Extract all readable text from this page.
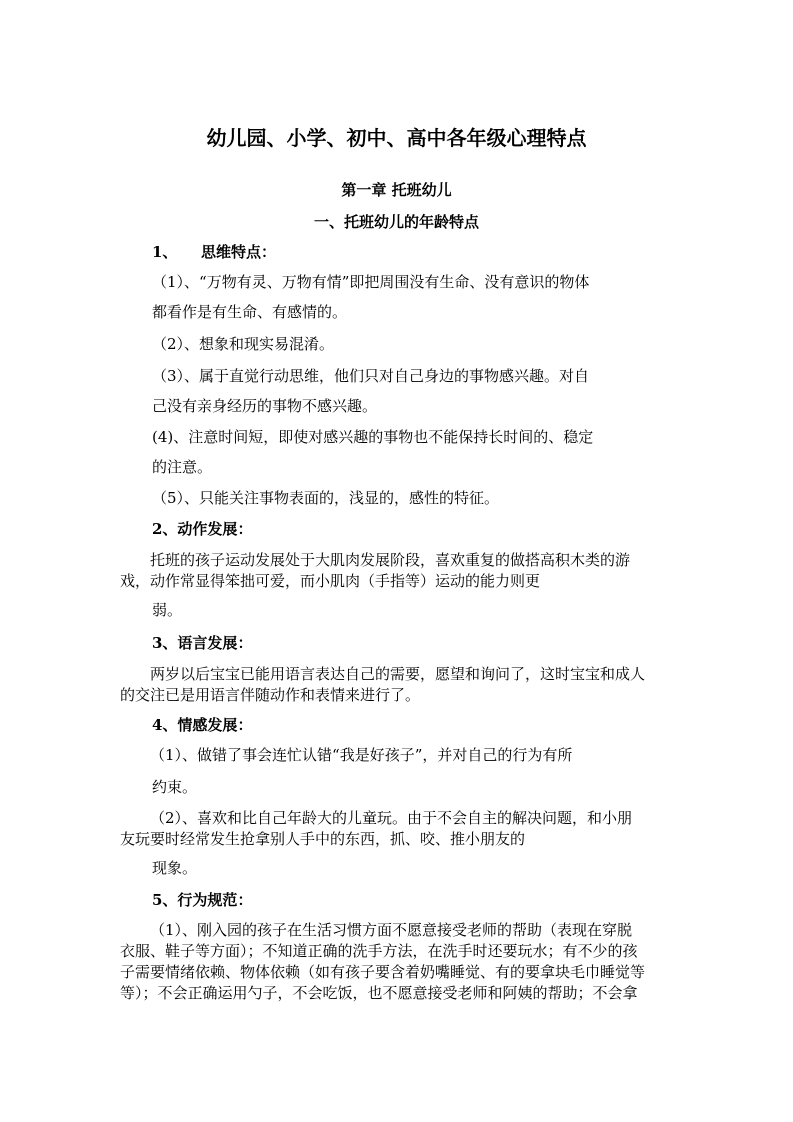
幼儿园、小学、初中、高中各年级心理特点
第一章 托班幼儿
一、托班幼儿的年龄特点
1、 思维特点：
（1）、“万物有灵、万物有情”即把周围没有生命、没有意识的物体
都看作是有生命、有感情的。
（2）、想象和现实易混淆。
（3）、属于直觉行动思维，他们只对自己身边的事物感兴趣。对自
己没有亲身经历的事物不感兴趣。
(4)、注意时间短，即使对感兴趣的事物也不能保持长时间的、稳定
的注意。
（5）、只能关注事物表面的，浅显的，感性的特征。
2、动作发展：
托班的孩子运动发展处于大肌肉发展阶段，喜欢重复的做搭高积木类的游
戏，动作常显得笨拙可爱，而小肌肉（手指等）运动的能力则更
弱。
3、语言发展：
两岁以后宝宝已能用语言表达自己的需要，愿望和询问了，这时宝宝和成人
的交注已是用语言伴随动作和表情来进行了。
4、情感发展：
（1）、做错了事会连忙认错“我是好孩子”，并对自己的行为有所
约束。
（2）、喜欢和比自己年龄大的儿童玩。由于不会自主的解决问题，和小朋
友玩要时经常发生抢拿别人手中的东西，抓、咬、推小朋友的
现象。
5、行为规范：
（1）、刚入园的孩子在生活习惯方面不愿意接受老师的帮助（表现在穿脱
衣服、鞋子等方面）；不知道正确的洗手方法，在洗手时还要玩水；有不少的孩
子需要情绪依赖、物体依赖（如有孩子要含着奶嘴睡觉、有的要拿块毛巾睡觉等
等）；不会正确运用勺子，不会吃饭，也不愿意接受老师和阿姨的帮助；不会拿
